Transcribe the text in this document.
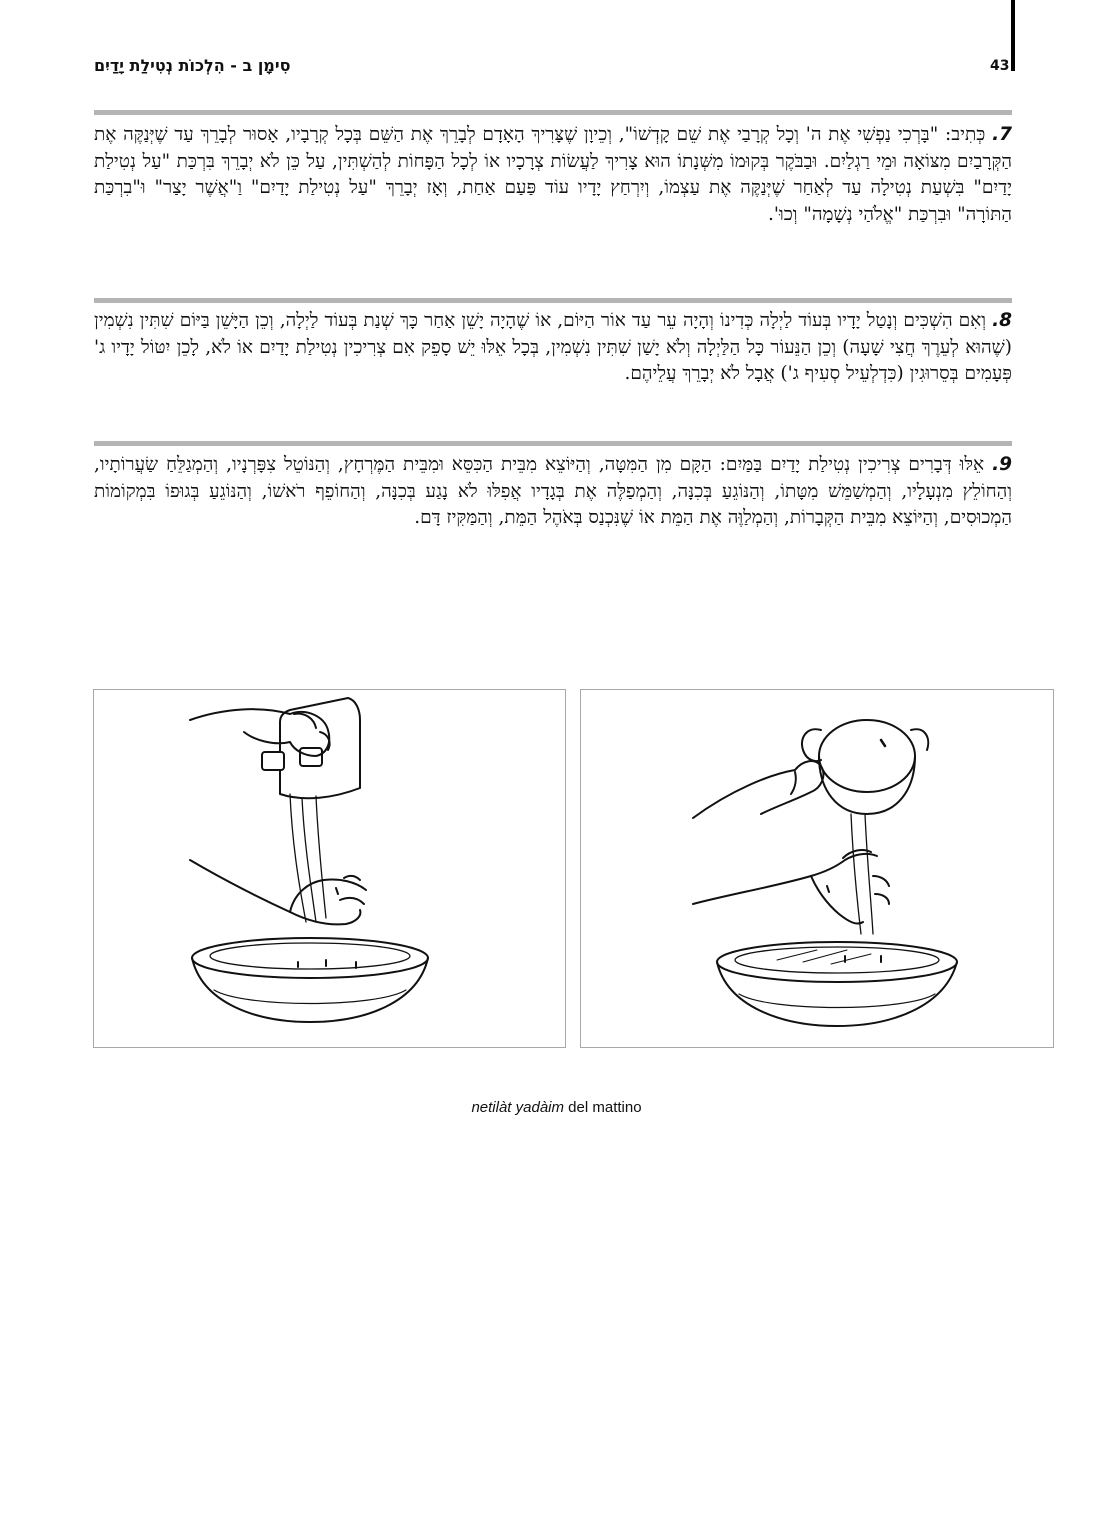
43
סִימָן ב - הִלְכוֹת נְטִילַת יָדַיִם
7. כְּתִיב: "בָּרְכִי נַפְשִׁי אֶת ה' וְכָל קְרָבַי אֶת שֵׁם קָדְשׁוֹ", וְכֵיוָן שֶׁצָּרִיךְ הָאָדָם לְבָרֵךְ אֶת הַשֵּׁם בְּכָל קְרָבָיו, אָסוּר לְבָרֵךְ עַד שֶׁיְּנַקֶּה אֶת הַקְּרָבַיִם מִצּוֹאָה וּמֵי רַגְלַיִם. וּבַבֹּקֶר בְּקוּמוֹ מִשְּׁנָתוֹ הוּא צָרִיךְ לַעֲשׂוֹת צְרָכָיו אוֹ לְכָל הַפָּחוֹת לְהַשְׁתִּין, עַל כֵּן לֹא יְבָרֵךְ בִּרְכַּת "עַל נְטִילַת יָדַיִם" בִּשְׁעַת נְטִילָה עַד לְאַחַר שֶׁיְּנַקֶּה אֶת עַצְמוֹ, וְיִרְחַץ יָדָיו עוֹד פַּעַם אַחַת, וְאָז יְבָרֵךְ "עַל נְטִילַת יָדַיִם" וַ"אֲשֶׁר יָצַר" וּ"בִרְכַּת הַתּוֹרָה" וּבִרְכַּת "אֱלֹהַי נְשָׁמָה" וְכוּ'.
8. וְאִם הִשְׁכִּים וְנָטַל יָדָיו בְּעוֹד לַיְלָה כְּדִינוֹ וְהָיָה עֵר עַד אוֹר הַיּוֹם, אוֹ שֶׁהָיָה יָשֵׁן אַחַר כָּךְ שְׁנַת בְּעוֹד לַיְלָה, וְכֵן הַיָּשֵׁן בַּיּוֹם שִׁתִּין נִשְׁמִין (שֶׁהוּא לְעֵרֶךְ חֲצִי שָׁעָה) וְכֵן הַנֵּעוֹר כָּל הַלַּיְלָה וְלֹא יָשַׁן שִׁתִּין נִשְׁמִין, בְּכָל אֵלּוּ יֵשׁ סָפֵק אִם צְרִיכִין נְטִילַת יָדַיִם אוֹ לֹא, לָכֵן יִטּוֹל יָדָיו ג' פְּעָמִים בְּסֵרוּגִין (כִּדְלְעֵיל סְעִיף ג') אֲבָל לֹא יְבָרֵךְ עֲלֵיהֶם.
9. אֵלּוּ דְּבָרִים צְרִיכִין נְטִילַת יָדַיִם בַּמַּיִם: הַקָּם מִן הַמִּטָּה, וְהַיּוֹצֵא מִבֵּית הַכִּסֵּא וּמִבֵּית הַמֶּרְחָץ, וְהַנּוֹטֵל צִפָּרְנָיו, וְהַמְגַלֵּחַ שַׂעֲרוֹתָיו, וְהַחוֹלֵץ מִנְעָלָיו, וְהַמְשַׁמֵּשׁ מִטָּתוֹ, וְהַנּוֹגֵעַ בְּכִנָּה, וְהַמְפַלֶּה אֶת בְּגָדָיו אֲפִלּוּ לֹא נָגַע בְּכִנָּה, וְהַחוֹפֵף רֹאשׁוֹ, וְהַנּוֹגֵעַ בְּגוּפוֹ בִּמְקוֹמוֹת הַמְכוּסִים, וְהַיּוֹצֵא מִבֵּית הַקְּבָרוֹת, וְהַמְלַוֶּה אֶת הַמֵּת אוֹ שֶׁנִּכְנַס בְּאֹהֶל הַמֵּת, וְהַמַּקִּיז דָּם.
netilàt yadàim del mattino
